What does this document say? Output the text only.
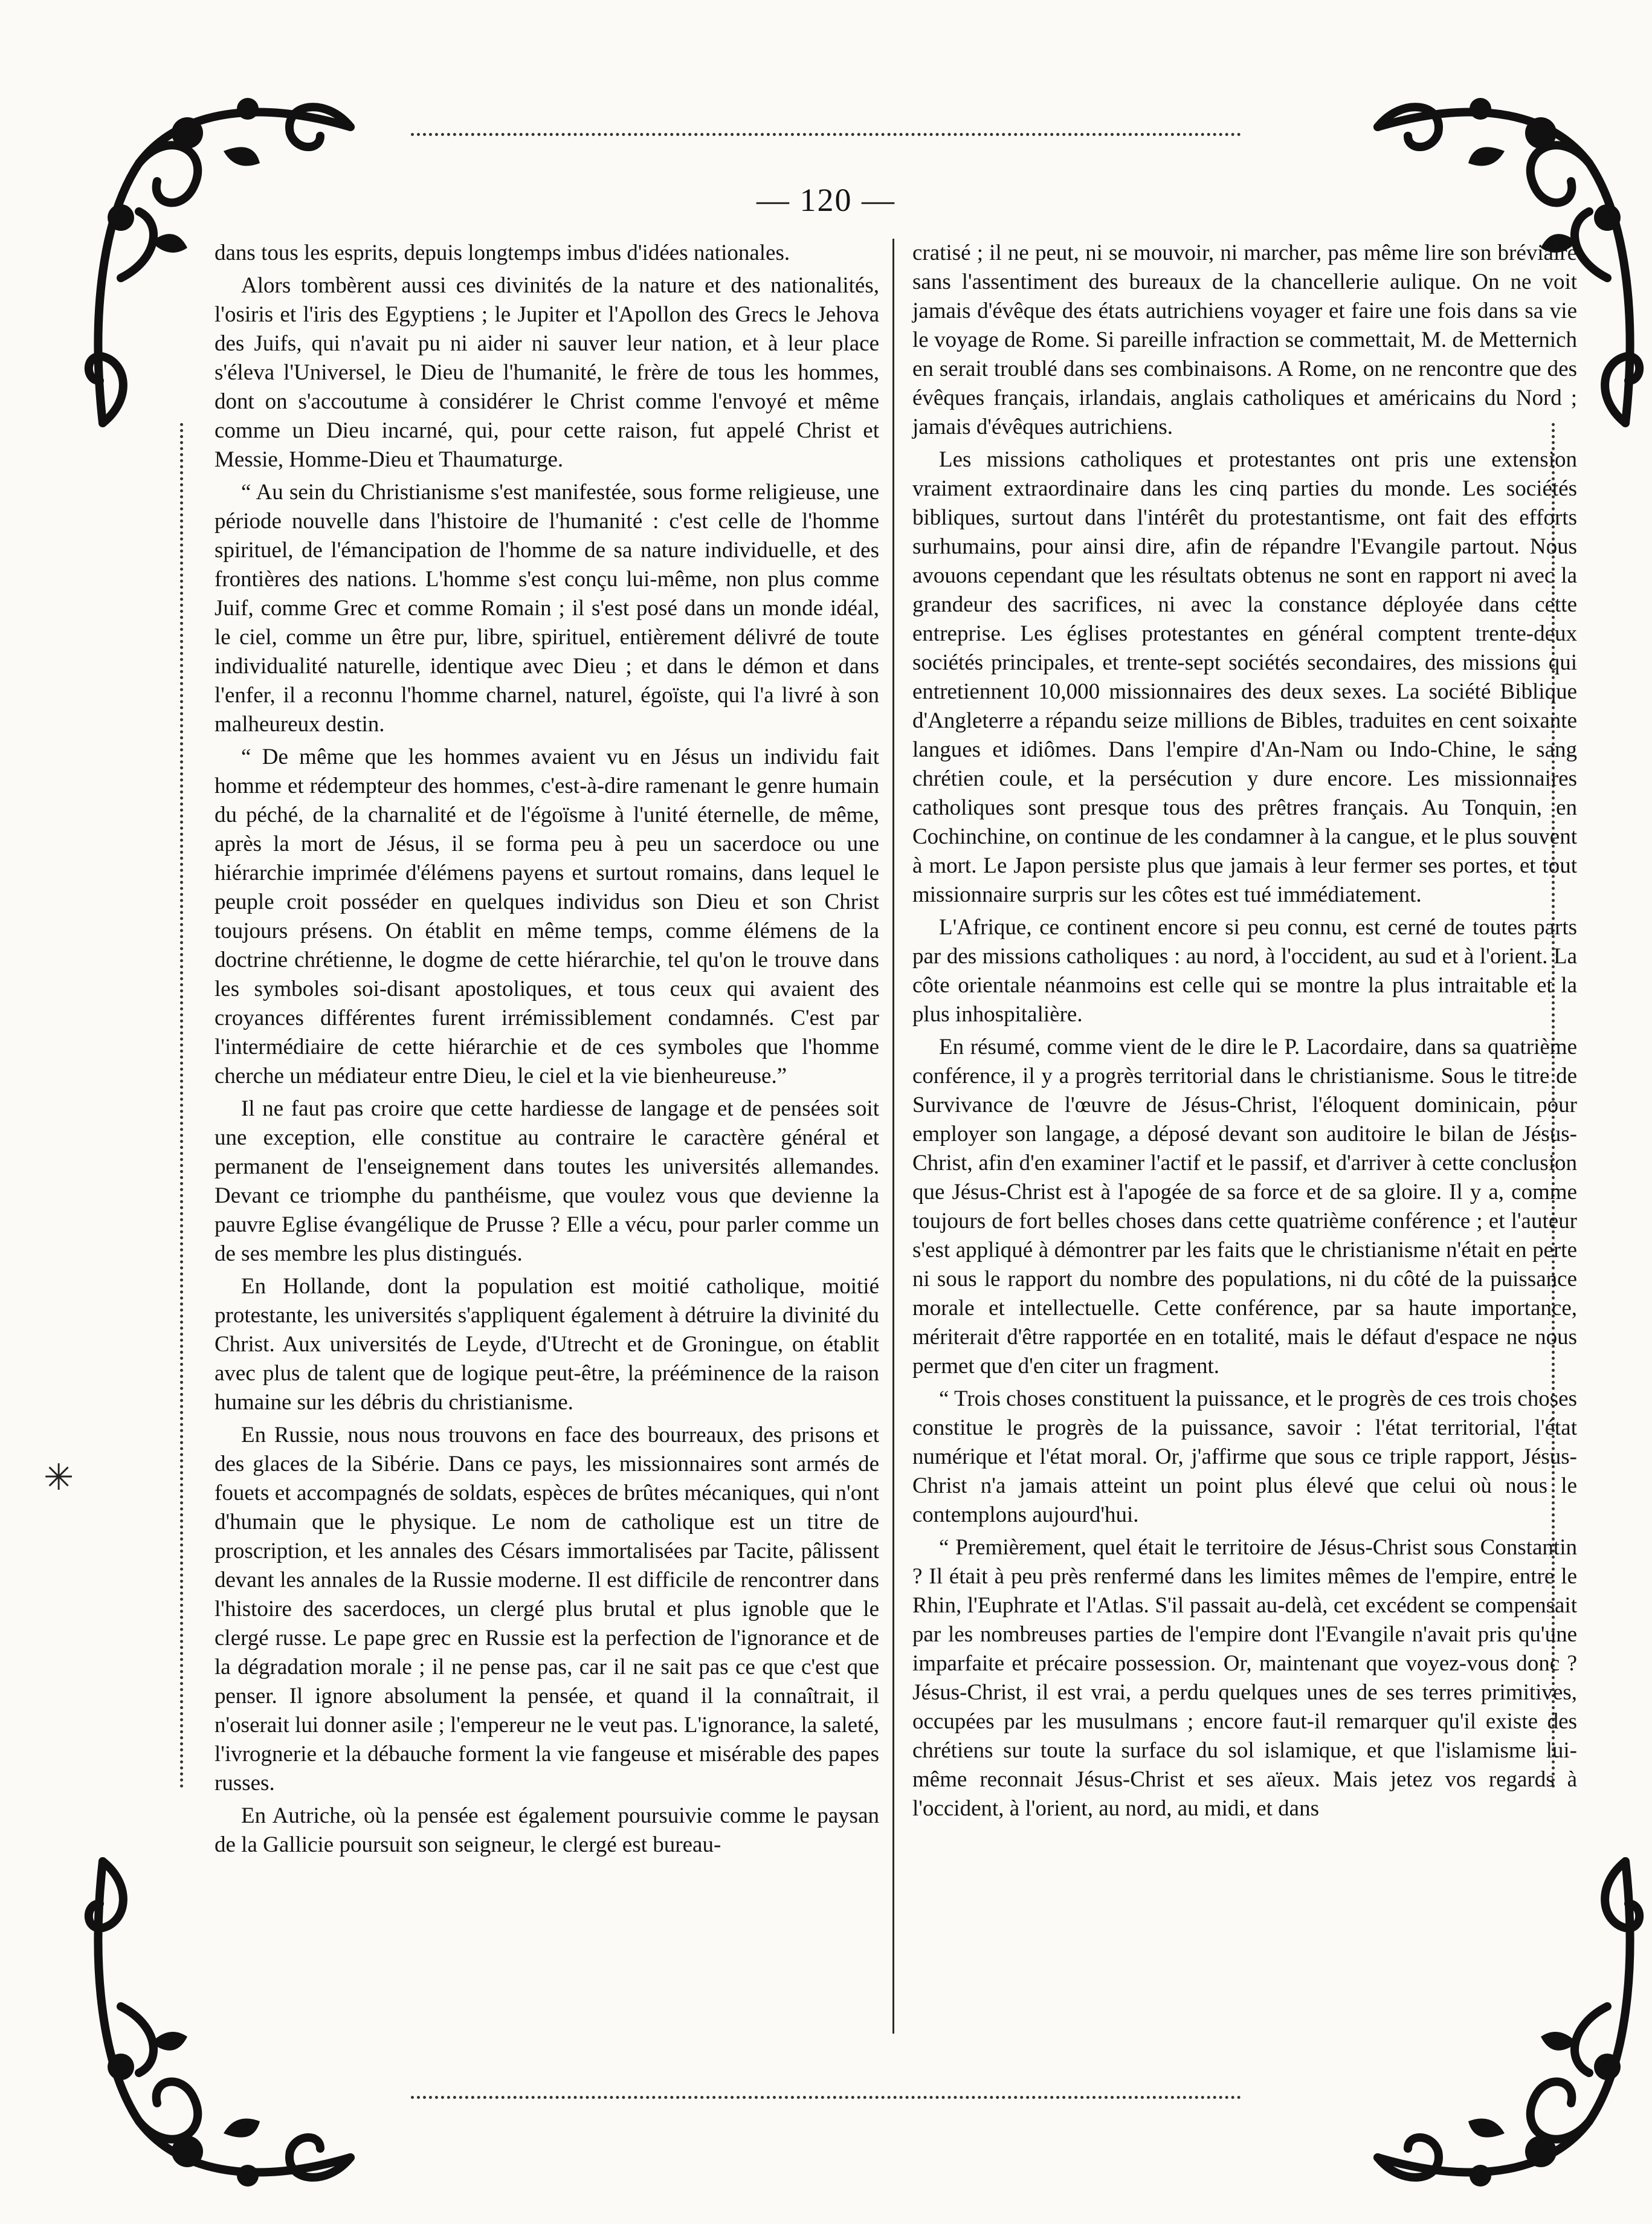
✳
— 120 —

dans tous les esprits, depuis longtemps imbus d'idées nationales.

Alors tombèrent aussi ces divinités de la nature et des nationalités, l'osiris et l'iris des Egyptiens ; le Jupiter et l'Apollon des Grecs le Jehova des Juifs, qui n'avait pu ni aider ni sauver leur nation, et à leur place s'éleva l'Universel, le Dieu de l'humanité, le frère de tous les hommes, dont on s'accoutume à considérer le Christ comme l'envoyé et même comme un Dieu incarné, qui, pour cette raison, fut appelé Christ et Messie, Homme-Dieu et Thaumaturge.

“ Au sein du Christianisme s'est manifestée, sous forme religieuse, une période nouvelle dans l'histoire de l'humanité : c'est celle de l'homme spirituel, de l'émancipation de l'homme de sa nature individuelle, et des frontières des nations. L'homme s'est conçu lui-même, non plus comme Juif, comme Grec et comme Romain ; il s'est posé dans un monde idéal, le ciel, comme un être pur, libre, spirituel, entièrement délivré de toute individualité naturelle, identique avec Dieu ; et dans le démon et dans l'enfer, il a reconnu l'homme charnel, naturel, égoïste, qui l'a livré à son malheureux destin.

“ De même que les hommes avaient vu en Jésus un individu fait homme et rédempteur des hommes, c'est-à-dire ramenant le genre humain du péché, de la charnalité et de l'égoïsme à l'unité éternelle, de même, après la mort de Jésus, il se forma peu à peu un sacerdoce ou une hiérarchie imprimée d'élémens payens et surtout romains, dans lequel le peuple croit posséder en quelques individus son Dieu et son Christ toujours présens. On établit en même temps, comme élémens de la doctrine chrétienne, le dogme de cette hiérarchie, tel qu'on le trouve dans les symboles soi-disant apostoliques, et tous ceux qui avaient des croyances différentes furent irrémissiblement condamnés. C'est par l'intermédiaire de cette hiérarchie et de ces symboles que l'homme cherche un médiateur entre Dieu, le ciel et la vie bienheureuse.”

Il ne faut pas croire que cette hardiesse de langage et de pensées soit une exception, elle constitue au contraire le caractère général et permanent de l'enseignement dans toutes les universités allemandes. Devant ce triomphe du panthéisme, que voulez vous que devienne la pauvre Eglise évangélique de Prusse ? Elle a vécu, pour parler comme un de ses membre les plus distingués.

En Hollande, dont la population est moitié catholique, moitié protestante, les universités s'appliquent également à détruire la divinité du Christ. Aux universités de Leyde, d'Utrecht et de Groningue, on établit avec plus de talent que de logique peut-être, la prééminence de la raison humaine sur les débris du christianisme.

En Russie, nous nous trouvons en face des bourreaux, des prisons et des glaces de la Sibérie. Dans ce pays, les missionnaires sont armés de fouets et accompagnés de soldats, espèces de brûtes mécaniques, qui n'ont d'humain que le physique. Le nom de catholique est un titre de proscription, et les annales des Césars immortalisées par Tacite, pâlissent devant les annales de la Russie moderne. Il est difficile de rencontrer dans l'histoire des sacerdoces, un clergé plus brutal et plus ignoble que le clergé russe. Le pape grec en Russie est la perfection de l'ignorance et de la dégradation morale ; il ne pense pas, car il ne sait pas ce que c'est que penser. Il ignore absolument la pensée, et quand il la connaîtrait, il n'oserait lui donner asile ; l'empereur ne le veut pas. L'ignorance, la saleté, l'ivrognerie et la débauche forment la vie fangeuse et misérable des papes russes.

En Autriche, où la pensée est également poursuivie comme le paysan de la Gallicie poursuit son seigneur, le clergé est bureau-

cratisé ; il ne peut, ni se mouvoir, ni marcher, pas même lire son bréviaire sans l'assentiment des bureaux de la chancellerie aulique. On ne voit jamais d'évêque des états autrichiens voyager et faire une fois dans sa vie le voyage de Rome. Si pareille infraction se commettait, M. de Metternich en serait troublé dans ses combinaisons. A Rome, on ne rencontre que des évêques français, irlandais, anglais catholiques et américains du Nord ; jamais d'évêques autrichiens.

Les missions catholiques et protestantes ont pris une extension vraiment extraordinaire dans les cinq parties du monde. Les sociétés bibliques, surtout dans l'intérêt du protestantisme, ont fait des efforts surhumains, pour ainsi dire, afin de répandre l'Evangile partout. Nous avouons cependant que les résultats obtenus ne sont en rapport ni avec la grandeur des sacrifices, ni avec la constance déployée dans cette entreprise. Les églises protestantes en général comptent trente-deux sociétés principales, et trente-sept sociétés secondaires, des missions qui entretiennent 10,000 missionnaires des deux sexes. La société Biblique d'Angleterre a répandu seize millions de Bibles, traduites en cent soixante langues et idiômes. Dans l'empire d'An-Nam ou Indo-Chine, le sang chrétien coule, et la persécution y dure encore. Les missionnaires catholiques sont presque tous des prêtres français. Au Tonquin, en Cochinchine, on continue de les condamner à la cangue, et le plus souvent à mort. Le Japon persiste plus que jamais à leur fermer ses portes, et tout missionnaire surpris sur les côtes est tué immédiatement.

L'Afrique, ce continent encore si peu connu, est cerné de toutes parts par des missions catholiques : au nord, à l'occident, au sud et à l'orient. La côte orientale néanmoins est celle qui se montre la plus intraitable et la plus inhospitalière.

En résumé, comme vient de le dire le P. Lacordaire, dans sa quatrième conférence, il y a progrès territorial dans le christianisme. Sous le titre de Survivance de l'œuvre de Jésus-Christ, l'éloquent dominicain, pour employer son langage, a déposé devant son auditoire le bilan de Jésus-Christ, afin d'en examiner l'actif et le passif, et d'arriver à cette conclusion que Jésus-Christ est à l'apogée de sa force et de sa gloire. Il y a, comme toujours de fort belles choses dans cette quatrième conférence ; et l'auteur s'est appliqué à démontrer par les faits que le christianisme n'était en perte ni sous le rapport du nombre des populations, ni du côté de la puissance morale et intellectuelle. Cette conférence, par sa haute importance, mériterait d'être rapportée en en totalité, mais le défaut d'espace ne nous permet que d'en citer un fragment.

“ Trois choses constituent la puissance, et le progrès de ces trois choses constitue le progrès de la puissance, savoir : l'état territorial, l'état numérique et l'état moral. Or, j'affirme que sous ce triple rapport, Jésus-Christ n'a jamais atteint un point plus élevé que celui où nous le contemplons aujourd'hui.

“ Premièrement, quel était le territoire de Jésus-Christ sous Constantin ? Il était à peu près renfermé dans les limites mêmes de l'empire, entre le Rhin, l'Euphrate et l'Atlas. S'il passait au-delà, cet excédent se compensait par les nombreuses parties de l'empire dont l'Evangile n'avait pris qu'une imparfaite et précaire possession. Or, maintenant que voyez-vous donc ? Jésus-Christ, il est vrai, a perdu quelques unes de ses terres primitives, occupées par les musulmans ; encore faut-il remarquer qu'il existe des chrétiens sur toute la surface du sol islamique, et que l'islamisme lui-même reconnait Jésus-Christ et ses aïeux. Mais jetez vos regards à l'occident, à l'orient, au nord, au midi, et dans
